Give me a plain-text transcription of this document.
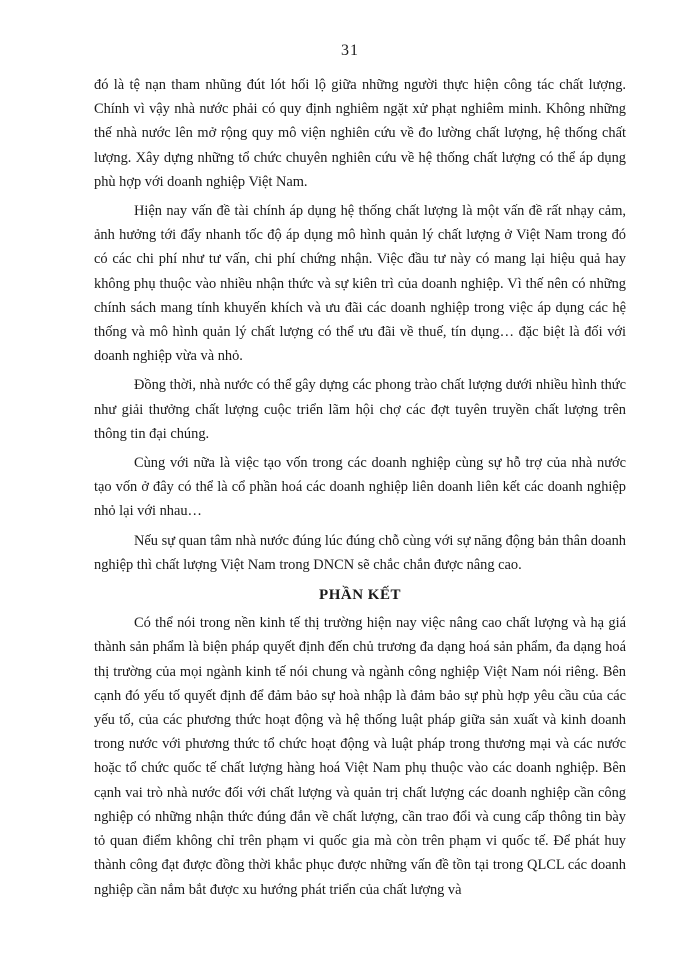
31

đó là tệ nạn tham nhũng đút lót hối lộ giữa những người thực hiện công tác chất lượng. Chính vì vậy nhà nước phải có quy định nghiêm ngặt xử phạt nghiêm minh. Không những thế nhà nước lên mở rộng quy mô viện nghiên cứu về đo lường chất lượng, hệ thống chất lượng. Xây dựng những tổ chức chuyên nghiên cứu về hệ thống chất lượng có thể áp dụng phù hợp với doanh nghiệp Việt Nam.

Hiện nay vấn đề tài chính áp dụng hệ thống chất lượng là một vấn đề rất nhạy cảm, ảnh hưởng tới đẩy nhanh tốc độ áp dụng mô hình quản lý chất lượng ở Việt Nam trong đó có các chi phí như tư vấn, chi phí chứng nhận. Việc đầu tư này có mang lại hiệu quả hay không phụ thuộc vào nhiều nhận thức và sự kiên trì của doanh nghiệp. Vì thế nên có những chính sách mang tính khuyến khích và ưu đãi các doanh nghiệp trong việc áp dụng các hệ thống và mô hình quản lý chất lượng có thể ưu đãi về thuế, tín dụng… đặc biệt là đối với doanh nghiệp vừa và nhỏ.

Đồng thời, nhà nước có thể gây dựng các phong trào chất lượng dưới nhiều hình thức như giải thưởng chất lượng cuộc triển lãm hội chợ các đợt tuyên truyền chất lượng trên thông tin đại chúng.

Cùng với nữa là việc tạo vốn trong các doanh nghiệp cùng sự hỗ trợ của nhà nước tạo vốn ở đây có thể là cổ phần hoá các doanh nghiệp liên doanh liên kết các doanh nghiệp nhỏ lại với nhau…

Nếu sự quan tâm nhà nước đúng lúc đúng chỗ cùng với sự năng động bản thân doanh nghiệp thì chất lượng Việt Nam trong DNCN sẽ chắc chắn được nâng cao.

PHẦN KẾT

Có thể nói trong nền kinh tế thị trường hiện nay việc nâng cao chất lượng và hạ giá thành sản phẩm là biện pháp quyết định đến chủ trương đa dạng hoá sản phẩm, đa dạng hoá thị trường của mọi ngành kinh tế nói chung và ngành công nghiệp Việt Nam nói riêng. Bên cạnh đó yếu tố quyết định để đảm bảo sự hoà nhập là đảm bảo sự phù hợp yêu cầu của các yếu tố, của các phương thức hoạt động và hệ thống luật pháp giữa sản xuất và kinh doanh trong nước với phương thức tổ chức hoạt động và luật pháp trong thương mại và các nước hoặc tổ chức quốc tế chất lượng hàng hoá Việt Nam phụ thuộc vào các doanh nghiệp. Bên cạnh vai trò nhà nước đối với chất lượng và quản trị chất lượng các doanh nghiệp cần công nghiệp có những nhận thức đúng đắn về chất lượng, cần trao đổi và cung cấp thông tin bày tỏ quan điểm không chỉ trên phạm vi quốc gia mà còn trên phạm vi quốc tế. Để phát huy thành công đạt được đồng thời khắc phục được những vấn đề tồn tại trong QLCL các doanh nghiệp cần nắm bắt được xu hướng phát triển của chất lượng và
